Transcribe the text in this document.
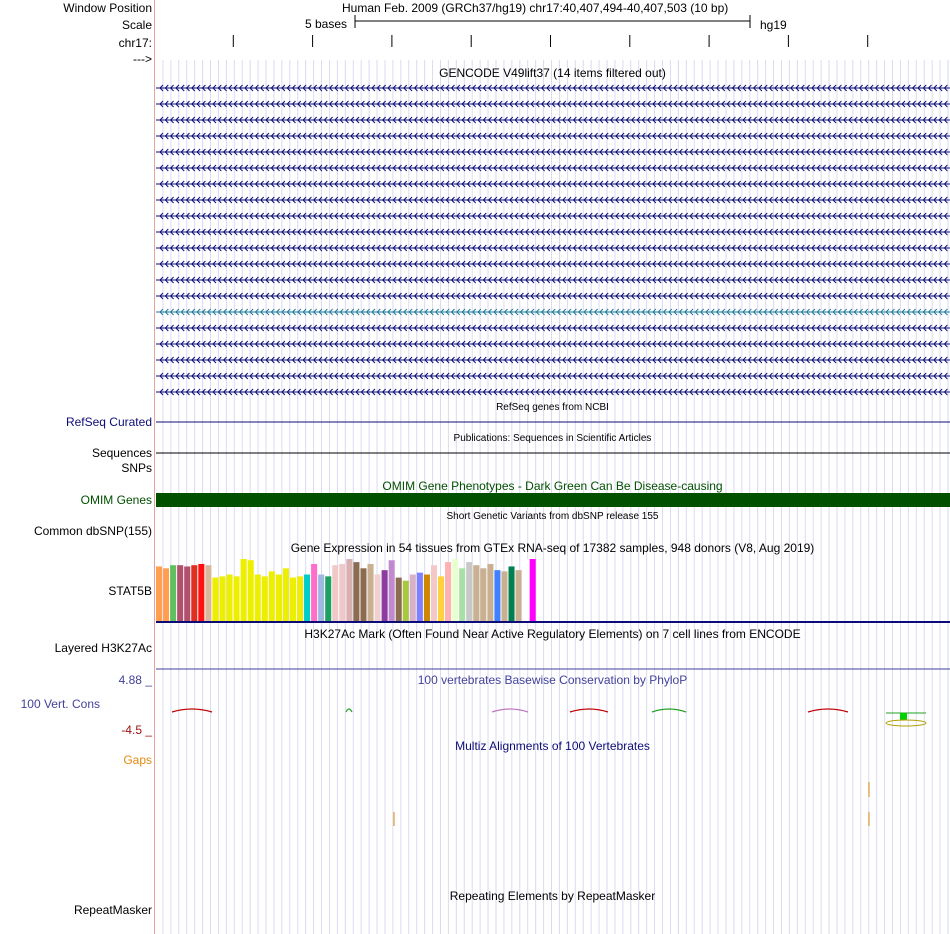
Window Position	Human Feb. 2009 (GRCh37/hg19) chr17:40,407,494-40,407,503 (10 bp)
Scale	5 bases	hg19
chr17:
--->
GENCODE V49lift37 (14 items filtered out)
RefSeq genes from NCBI
RefSeq Curated
Publications: Sequences in Scientific Articles
Sequences
SNPs
OMIM Gene Phenotypes - Dark Green Can Be Disease-causing
OMIM Genes
Short Genetic Variants from dbSNP release 155
Common dbSNP(155)
Gene Expression in 54 tissues from GTEx RNA-seq of 17382 samples, 948 donors (V8, Aug 2019)
STAT5B
H3K27Ac Mark (Often Found Near Active Regulatory Elements) on 7 cell lines from ENCODE
Layered H3K27Ac
100 vertebrates Basewise Conservation by PhyloP
4.88 _
100 Vert. Cons
-4.5 _
Multiz Alignments of 100 Vertebrates
Gaps
Repeating Elements by RepeatMasker
RepeatMasker
